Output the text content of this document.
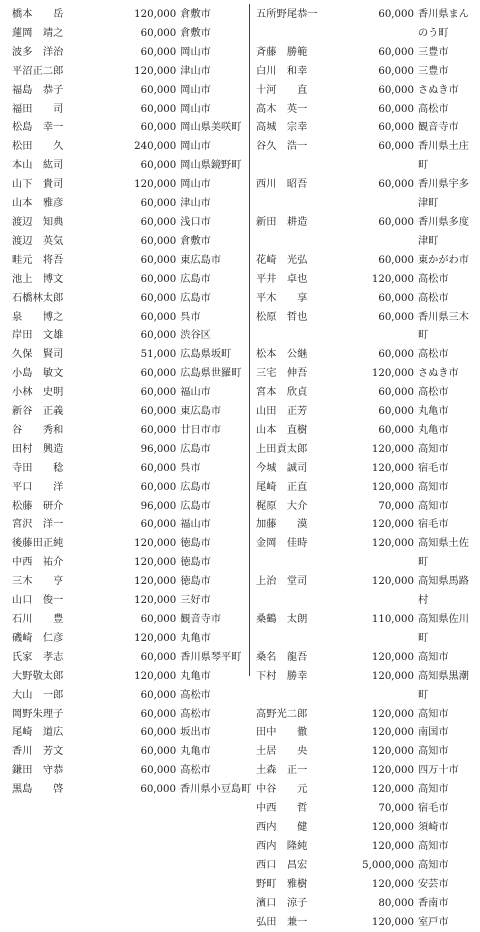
橋本　　岳	120,000 倉敷市
蓮岡　靖之	60,000 倉敷市
波多　洋治	60,000 岡山市
平沼正二郎	120,000 津山市
福島　恭子	60,000 岡山市
福田　　司	60,000 岡山市
松島　幸一	60,000 岡山県美咲町
松田　　久	240,000 岡山市
本山　紘司	60,000 岡山県鏡野町
山下　貴司	120,000 岡山市
山本　雅彦	60,000 津山市
渡辺　知典	60,000 浅口市
渡辺　英気	60,000 倉敷市
畦元　将吾	60,000 東広島市
池上　博文	60,000 広島市
石橋林太郎	60,000 広島市
泉　　博之	60,000 呉市
岸田　文雄	60,000 渋谷区
久保　賢司	51,000 広島県坂町
小島　敏文	60,000 広島県世羅町
小林　史明	60,000 福山市
新谷　正義	60,000 東広島市
谷　　秀和	60,000 廿日市市
田村　興造	96,000 広島市
寺田　　稔	60,000 呉市
平口　　洋	60,000 広島市
松藤　研介	96,000 広島市
宮沢　洋一	60,000 福山市
後藤田正純	120,000 徳島市
中西　祐介	120,000 徳島市
三木　　亨	120,000 徳島市
山口　俊一	120,000 三好市
石川　　豊	60,000 観音寺市
磯崎　仁彦	120,000 丸亀市
氏家　孝志	60,000 香川県琴平町
大野敬太郎	120,000 丸亀市
大山　一郎	60,000 高松市
岡野朱理子	60,000 高松市
尾崎　道広	60,000 坂出市
香川　芳文	60,000 丸亀市
鎌田　守恭	60,000 高松市
黒島　　啓	60,000 香川県小豆島町
五所野尾恭一	60,000 香川県まんのう町
斉藤　勝範	60,000 三豊市
白川　和幸	60,000 三豊市
十河　　直	60,000 さぬき市
高木　英一	60,000 高松市
高城　宗幸	60,000 観音寺市
谷久　浩一	60,000 香川県土庄町
西川　昭吾	60,000 香川県宇多津町
新田　耕造	60,000 香川県多度津町
花崎　光弘	60,000 東かがわ市
平井　卓也	120,000 高松市
平木　　享	60,000 高松市
松原　哲也	60,000 香川県三木町
松本　公継	60,000 高松市
三宅　伸吾	120,000 さぬき市
宮本　欣貞	60,000 高松市
山田　正芳	60,000 丸亀市
山本　直樹	60,000 丸亀市
上田貢太郎	120,000 高知市
今城　誠司	120,000 宿毛市
尾崎　正直	120,000 高知市
梶原　大介	70,000 高知市
加藤　　漠	120,000 宿毛市
金岡　佳時	120,000 高知県土佐町
上治　堂司	120,000 高知県馬路村
桑鶴　太朗	110,000 高知県佐川町
桑名　龍吾	120,000 高知市
下村　勝幸	120,000 高知県黒潮町
高野光二郎	120,000 高知市
田中　　徹	120,000 南国市
土居　　央	120,000 高知市
土森　正一	120,000 四万十市
中谷　　元	120,000 高知市
中西　　哲	70,000 宿毛市
西内　　健	120,000 須崎市
西内　隆純	120,000 高知市
西口　昌宏	5,000,000 高知市
野町　雅樹	120,000 安芸市
濱口　涼子	80,000 香南市
弘田　兼一	120,000 室戸市
